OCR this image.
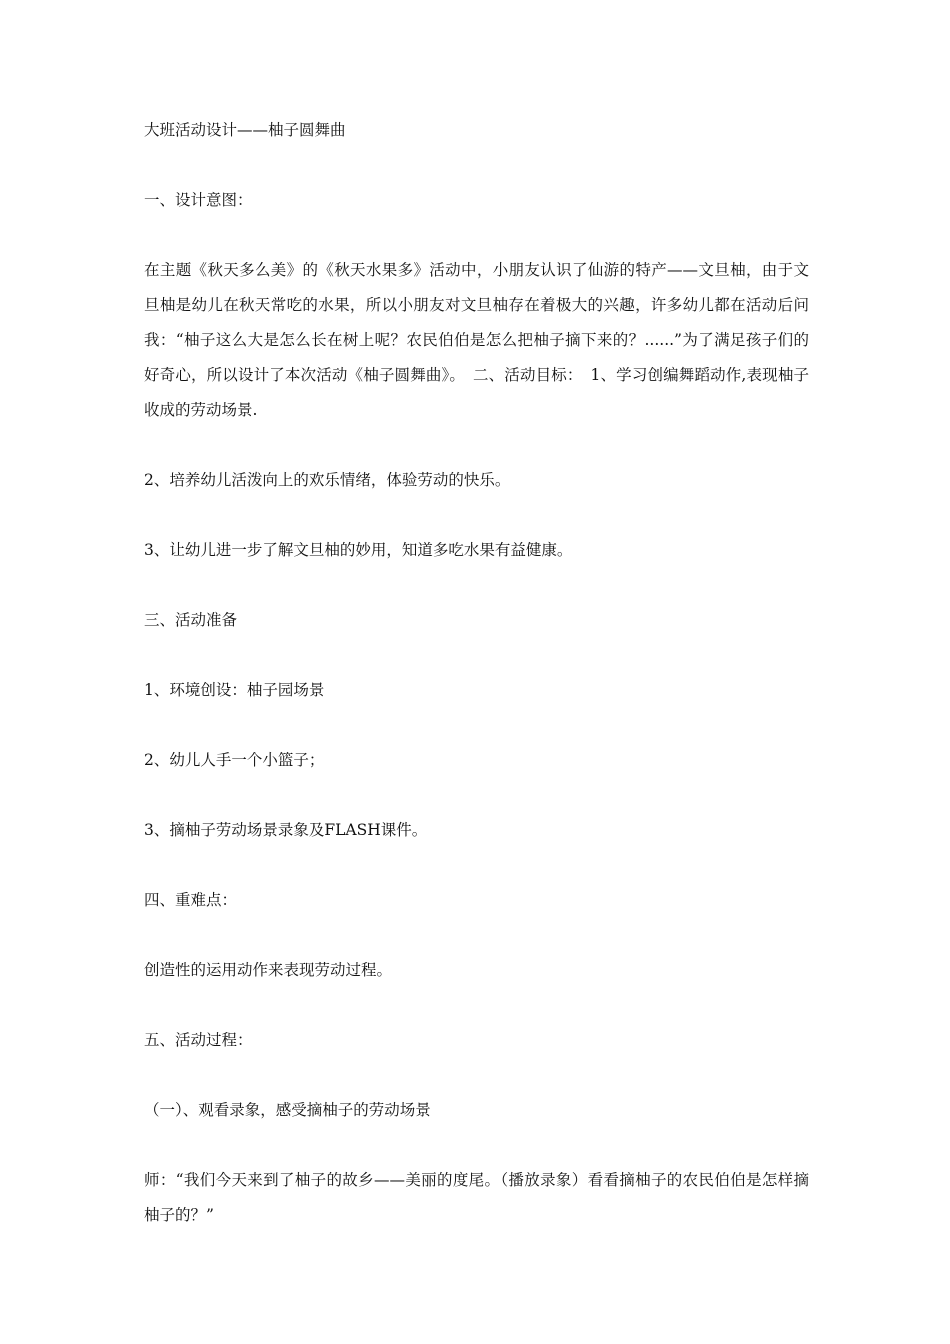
大班活动设计——柚子圆舞曲

一、设计意图：

在主题《秋天多么美》的《秋天水果多》活动中，小朋友认识了仙游的特产——文旦柚，由于文旦柚是幼儿在秋天常吃的水果，所以小朋友对文旦柚存在着极大的兴趣，许多幼儿都在活动后问我：“柚子这么大是怎么长在树上呢？农民伯伯是怎么把柚子摘下来的？......”为了满足孩子们的好奇心，所以设计了本次活动《柚子圆舞曲》。　二、活动目标：　1、学习创编舞蹈动作,表现柚子收成的劳动场景.

2、培养幼儿活泼向上的欢乐情绪，体验劳动的快乐。

3、让幼儿进一步了解文旦柚的妙用，知道多吃水果有益健康。

三、活动准备

1、环境创设：柚子园场景

2、幼儿人手一个小篮子；

3、摘柚子劳动场景录象及FLASH课件。

四、重难点：

创造性的运用动作来表现劳动过程。

五、活动过程：

（一）、观看录象，感受摘柚子的劳动场景

师：“我们今天来到了柚子的故乡——美丽的度尾。（播放录象）看看摘柚子的农民伯伯是怎样摘柚子的？”
